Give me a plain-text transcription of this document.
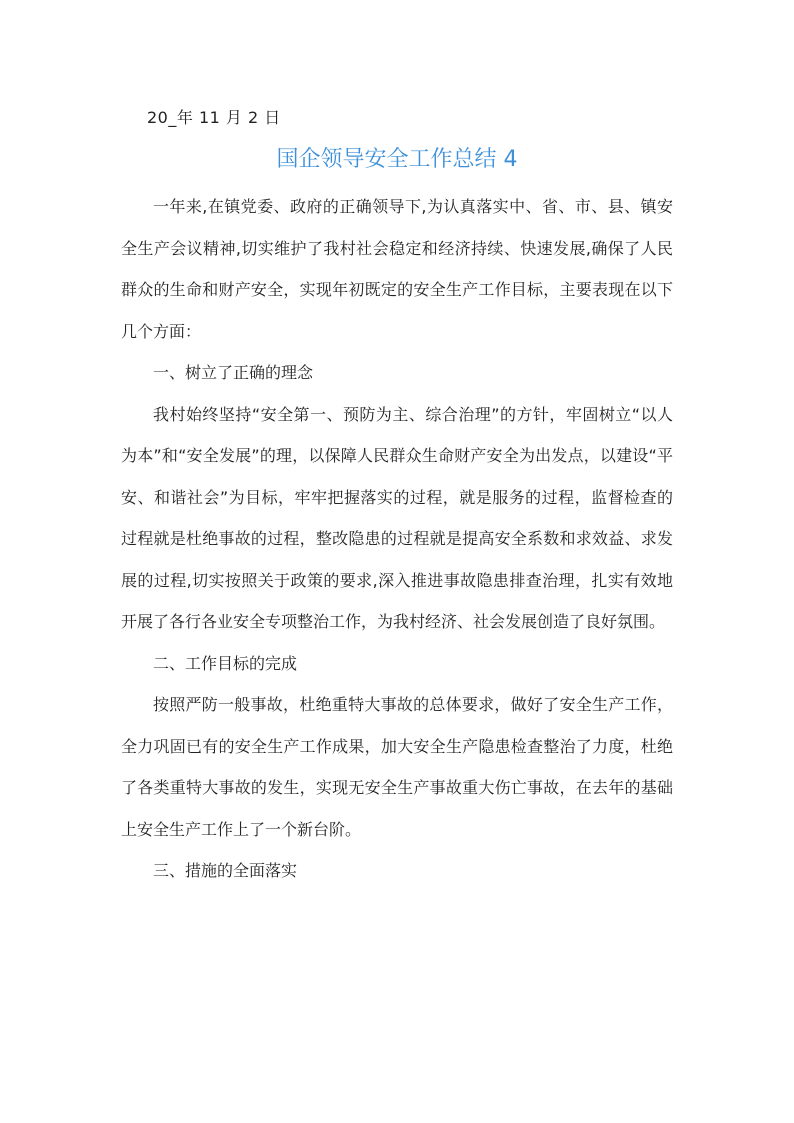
20_年 11 月 2 日
国企领导安全工作总结 4

一年来,在镇党委、政府的正确领导下,为认真落实中、省、市、县、镇安全生产会议精神,切实维护了我村社会稳定和经济持续、快速发展,确保了人民群众的生命和财产安全，实现年初既定的安全生产工作目标，主要表现在以下几个方面：

一、树立了正确的理念

我村始终坚持“安全第一、预防为主、综合治理”的方针，牢固树立“以人为本”和“安全发展”的理，以保障人民群众生命财产安全为出发点，以建设“平安、和谐社会”为目标，牢牢把握落实的过程，就是服务的过程，监督检查的过程就是杜绝事故的过程，整改隐患的过程就是提高安全系数和求效益、求发展的过程,切实按照关于政策的要求,深入推进事故隐患排查治理，扎实有效地开展了各行各业安全专项整治工作，为我村经济、社会发展创造了良好氛围。

二、工作目标的完成

按照严防一般事故，杜绝重特大事故的总体要求，做好了安全生产工作，全力巩固已有的安全生产工作成果，加大安全生产隐患检查整治了力度，杜绝了各类重特大事故的发生，实现无安全生产事故重大伤亡事故，在去年的基础上安全生产工作上了一个新台阶。

三、措施的全面落实
